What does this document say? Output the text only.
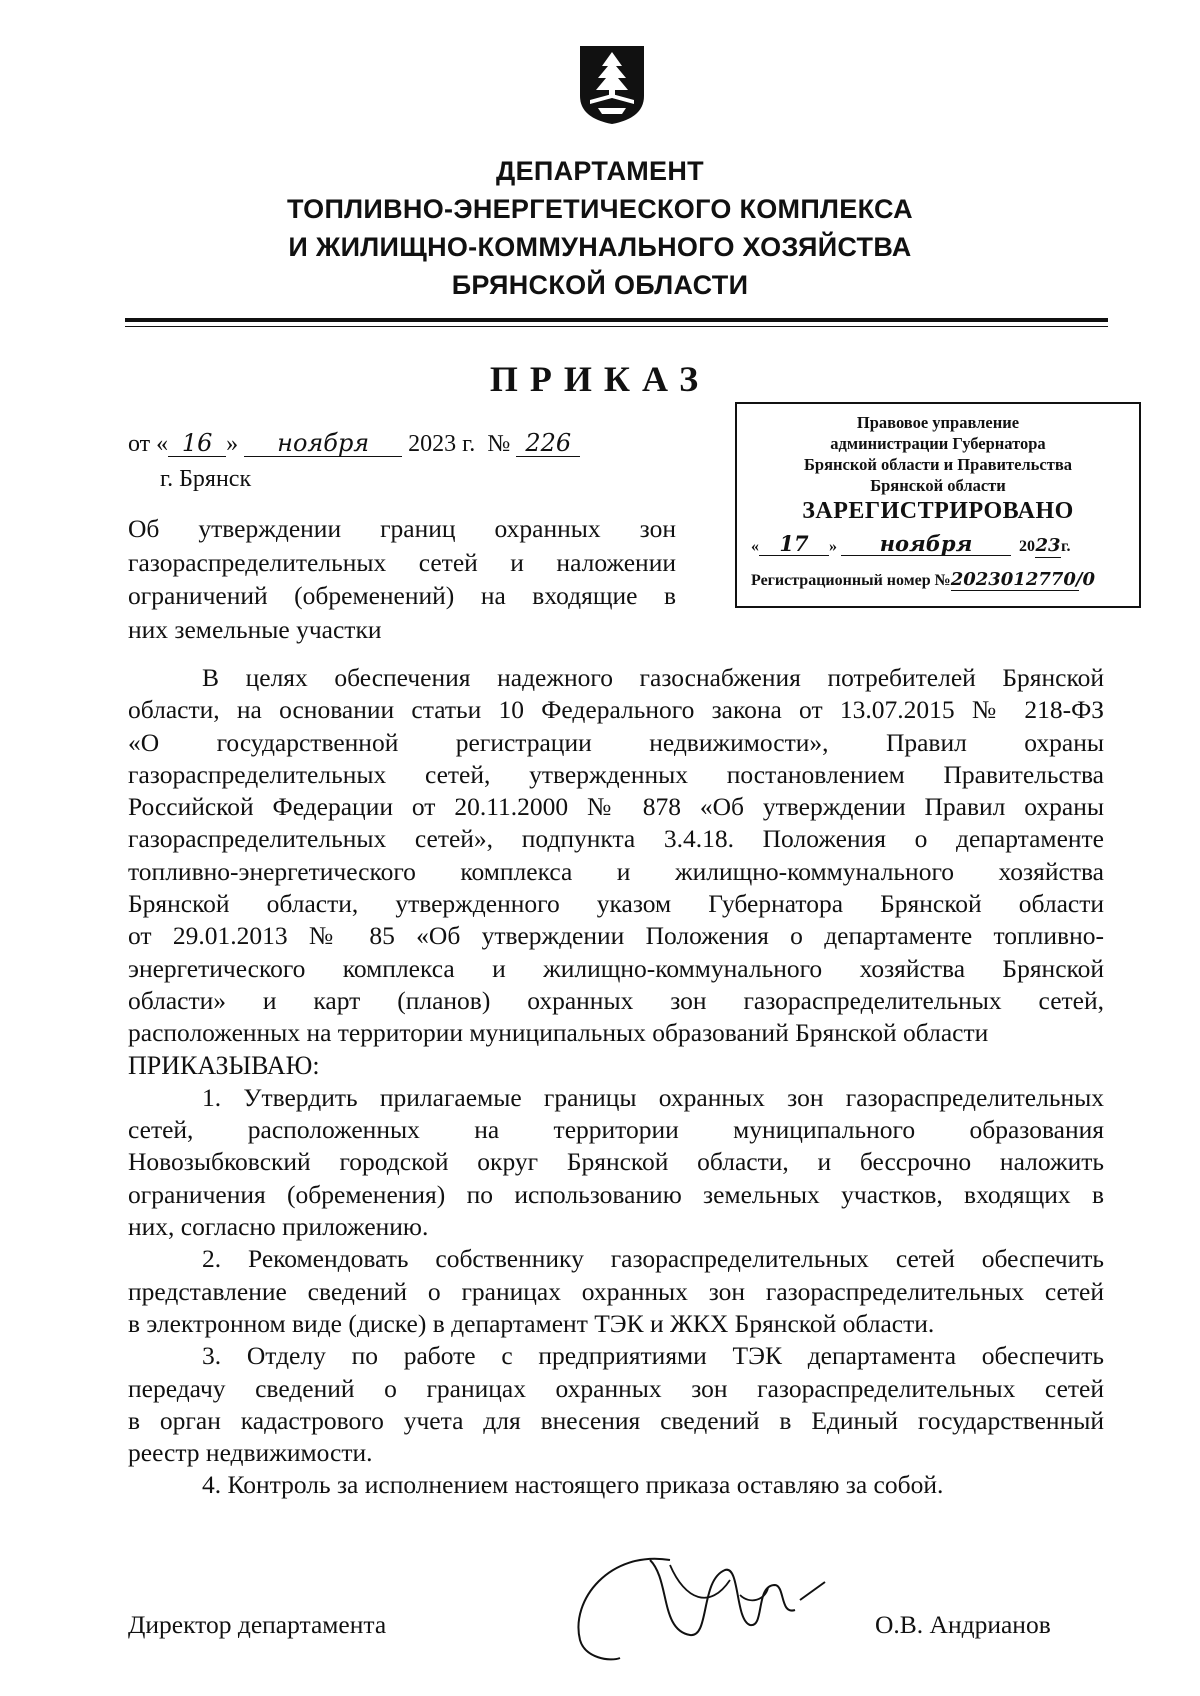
ДЕПАРТАМЕНТ
ТОПЛИВНО-ЭНЕРГЕТИЧЕСКОГО КОМПЛЕКСА
И ЖИЛИЩНО-КОММУНАЛЬНОГО ХОЗЯЙСТВА
БРЯНСКОЙ ОБЛАСТИ
ПРИКАЗ
от « 16 » ноября 2023 г. № 226
г. Брянск
Об утверждении границ охранных зон
газораспределительных сетей и наложении
ограничений (обременений) на входящие в
них земельные участки
Правовое управление
администрации Губернатора
Брянской области и Правительства
Брянской области
ЗАРЕГИСТРИРОВАНО
« 17 » ноября	2023г.
Регистрационный номер №2023012770/0
В целях обеспечения надежного газоснабжения потребителей Брянской
области, на основании статьи 10 Федерального закона от 13.07.2015 № 218-ФЗ
«О государственной регистрации недвижимости», Правил охраны
газораспределительных сетей, утвержденных постановлением Правительства
Российской Федерации от 20.11.2000 № 878 «Об утверждении Правил охраны
газораспределительных сетей», подпункта 3.4.18. Положения о департаменте
топливно-энергетического комплекса и жилищно-коммунального хозяйства
Брянской области, утвержденного указом Губернатора Брянской области
от 29.01.2013 № 85 «Об утверждении Положения о департаменте топливно-
энергетического комплекса и жилищно-коммунального хозяйства Брянской
области» и карт (планов) охранных зон газораспределительных сетей,
расположенных на территории муниципальных образований Брянской области
ПРИКАЗЫВАЮ:
1. Утвердить прилагаемые границы охранных зон газораспределительных
сетей, расположенных на территории муниципального образования
Новозыбковский городской округ Брянской области, и бессрочно наложить
ограничения (обременения) по использованию земельных участков, входящих в
них, согласно приложению.
2. Рекомендовать собственнику газораспределительных сетей обеспечить
представление сведений о границах охранных зон газораспределительных сетей
в электронном виде (диске) в департамент ТЭК и ЖКХ Брянской области.
3. Отделу по работе с предприятиями ТЭК департамента обеспечить
передачу сведений о границах охранных зон газораспределительных сетей
в орган кадастрового учета для внесения сведений в Единый государственный
реестр недвижимости.
4. Контроль за исполнением настоящего приказа оставляю за собой.
Директор департамента	О.В. Андрианов
